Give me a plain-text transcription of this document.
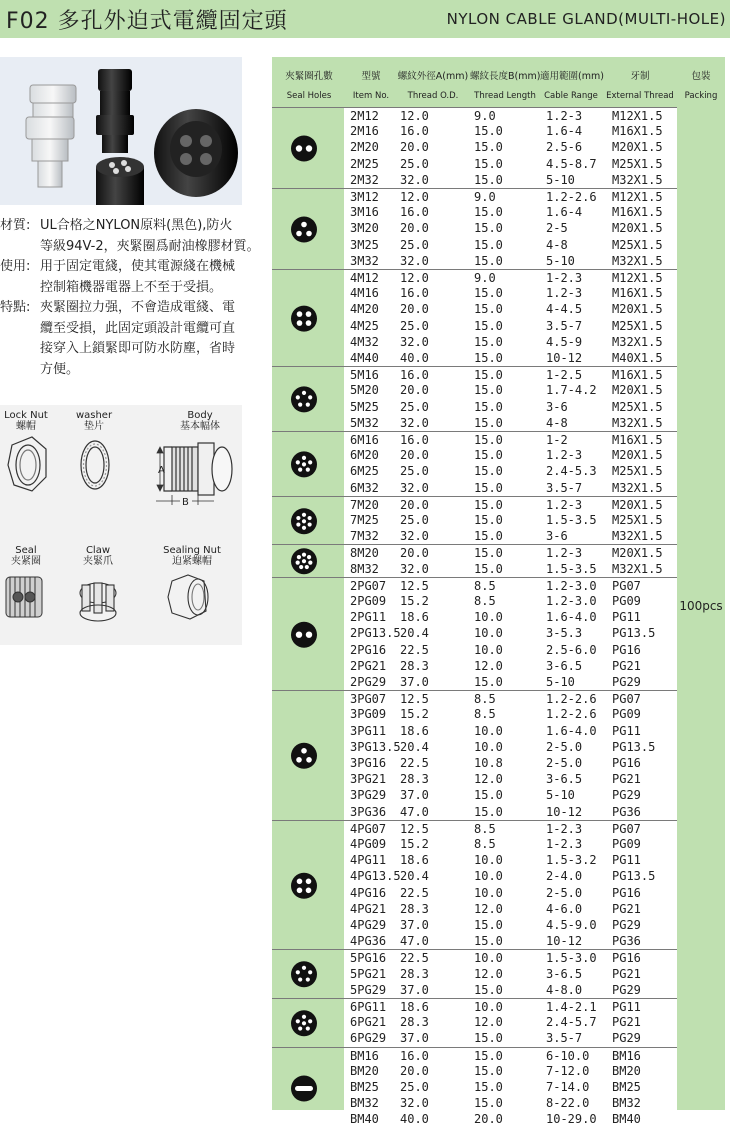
F02 多孔外迫式電纜固定頭	NYLON CABLE GLAND(MULTI-HOLE)
材質: UL合格之NYLON原料(黑色),防火
等級94V-2，夾緊圈爲耐油橡膠材質。
使用: 用于固定電綫，使其電源綫在機械
控制箱機器電器上不至于受損。
特點: 夾緊圈拉力强，不會造成電綫、電
纜至受損，此固定頭設計電纜可直
接穿入上鎖緊即可防水防塵，省時
方便。
Lock Nut
螺帽
washer
垫片
Body
基本幅体
Seal
夹紧圈
Claw
夹緊爪
Sealing Nut
迫紧螺帽
A
B
夾緊圈孔數
Seal Holes
型號
Item No.
螺紋外徑A(mm)
Thread O.D.
螺紋長度B(mm)
Thread Length
適用範圍(mm)
Cable Range
牙制
External Thread
包裝
Packing
2M12 12.0	9.0	1.2-3 M12X1.5
2M16 16.0	15.0	1.6-4 M16X1.5
2M20 20.0	15.0	2.5-6 M20X1.5
2M25 25.0	15.0	4.5-8.7 M25X1.5
2M32 32.0	15.0	5-10	M32X1.5
3M12 12.0	9.0	1.2-2.6 M12X1.5
3M16 16.0	15.0	1.6-4 M16X1.5
3M20 20.0	15.0	2-5	M20X1.5
3M25 25.0	15.0	4-8	M25X1.5
3M32 32.0	15.0	5-10	M32X1.5
4M12 12.0	9.0	1-2.3 M12X1.5
4M16 16.0	15.0	1.2-3 M16X1.5
4M20 20.0	15.0	4-4.5 M20X1.5
4M25 25.0	15.0	3.5-7 M25X1.5
4M32 32.0	15.0	4.5-9 M32X1.5
4M40 40.0	15.0	10-12 M40X1.5
5M16 16.0	15.0	1-2.5 M16X1.5
5M20 20.0	15.0	1.7-4.2 M20X1.5
5M25 25.0	15.0	3-6	M25X1.5
5M32 32.0	15.0	4-8	M32X1.5
6M16 16.0	15.0	1-2	M16X1.5
6M20 20.0	15.0	1.2-3 M20X1.5
6M25 25.0	15.0	2.4-5.3 M25X1.5
6M32 32.0	15.0	3.5-7 M32X1.5
7M20 20.0	15.0	1.2-3 M20X1.5
7M25 25.0	15.0	1.5-3.5 M25X1.5
7M32 32.0	15.0	3-6	M32X1.5
8M20 20.0	15.0	1.2-3 M20X1.5
8M32 32.0	15.0	1.5-3.5 M32X1.5
2PG07 12.5	8.5	1.2-3.0 PG07
2PG09 15.2	8.5	1.2-3.0 PG09
2PG11 18.6	10.0	1.6-4.0 PG11
2PG13.5 20.4	10.0	3-5.3 PG13.5
2PG16 22.5	10.0	2.5-6.0 PG16
2PG21 28.3	12.0	3-6.5 PG21
2PG29 37.0	15.0	5-10	PG29
3PG07 12.5	8.5	1.2-2.6 PG07
3PG09 15.2	8.5	1.2-2.6 PG09
3PG11 18.6	10.0	1.6-4.0 PG11
3PG13.5 20.4	10.0	2-5.0 PG13.5
3PG16 22.5	10.8	2-5.0 PG16
3PG21 28.3	12.0	3-6.5 PG21
3PG29 37.0	15.0	5-10	PG29
3PG36 47.0	15.0	10-12 PG36
4PG07 12.5	8.5	1-2.3 PG07
4PG09 15.2	8.5	1-2.3 PG09
4PG11 18.6	10.0	1.5-3.2 PG11
4PG13.5 20.4	10.0	2-4.0 PG13.5
4PG16 22.5	10.0	2-5.0 PG16
4PG21 28.3	12.0	4-6.0 PG21
4PG29 37.0	15.0	4.5-9.0 PG29
4PG36 47.0	15.0	10-12 PG36
5PG16 22.5	10.0	1.5-3.0 PG16
5PG21 28.3	12.0	3-6.5 PG21
5PG29 37.0	15.0	4-8.0 PG29
6PG11 18.6	10.0	1.4-2.1 PG11
6PG21 28.3	12.0	2.4-5.7 PG21
6PG29 37.0	15.0	3.5-7 PG29
BM16 16.0	15.0	6-10.0 BM16
BM20 20.0	15.0	7-12.0 BM20
BM25 25.0	15.0	7-14.0 BM25
BM32 32.0	15.0	8-22.0 BM32
BM40 40.0	20.0	10-29.0 BM40
100pcs
